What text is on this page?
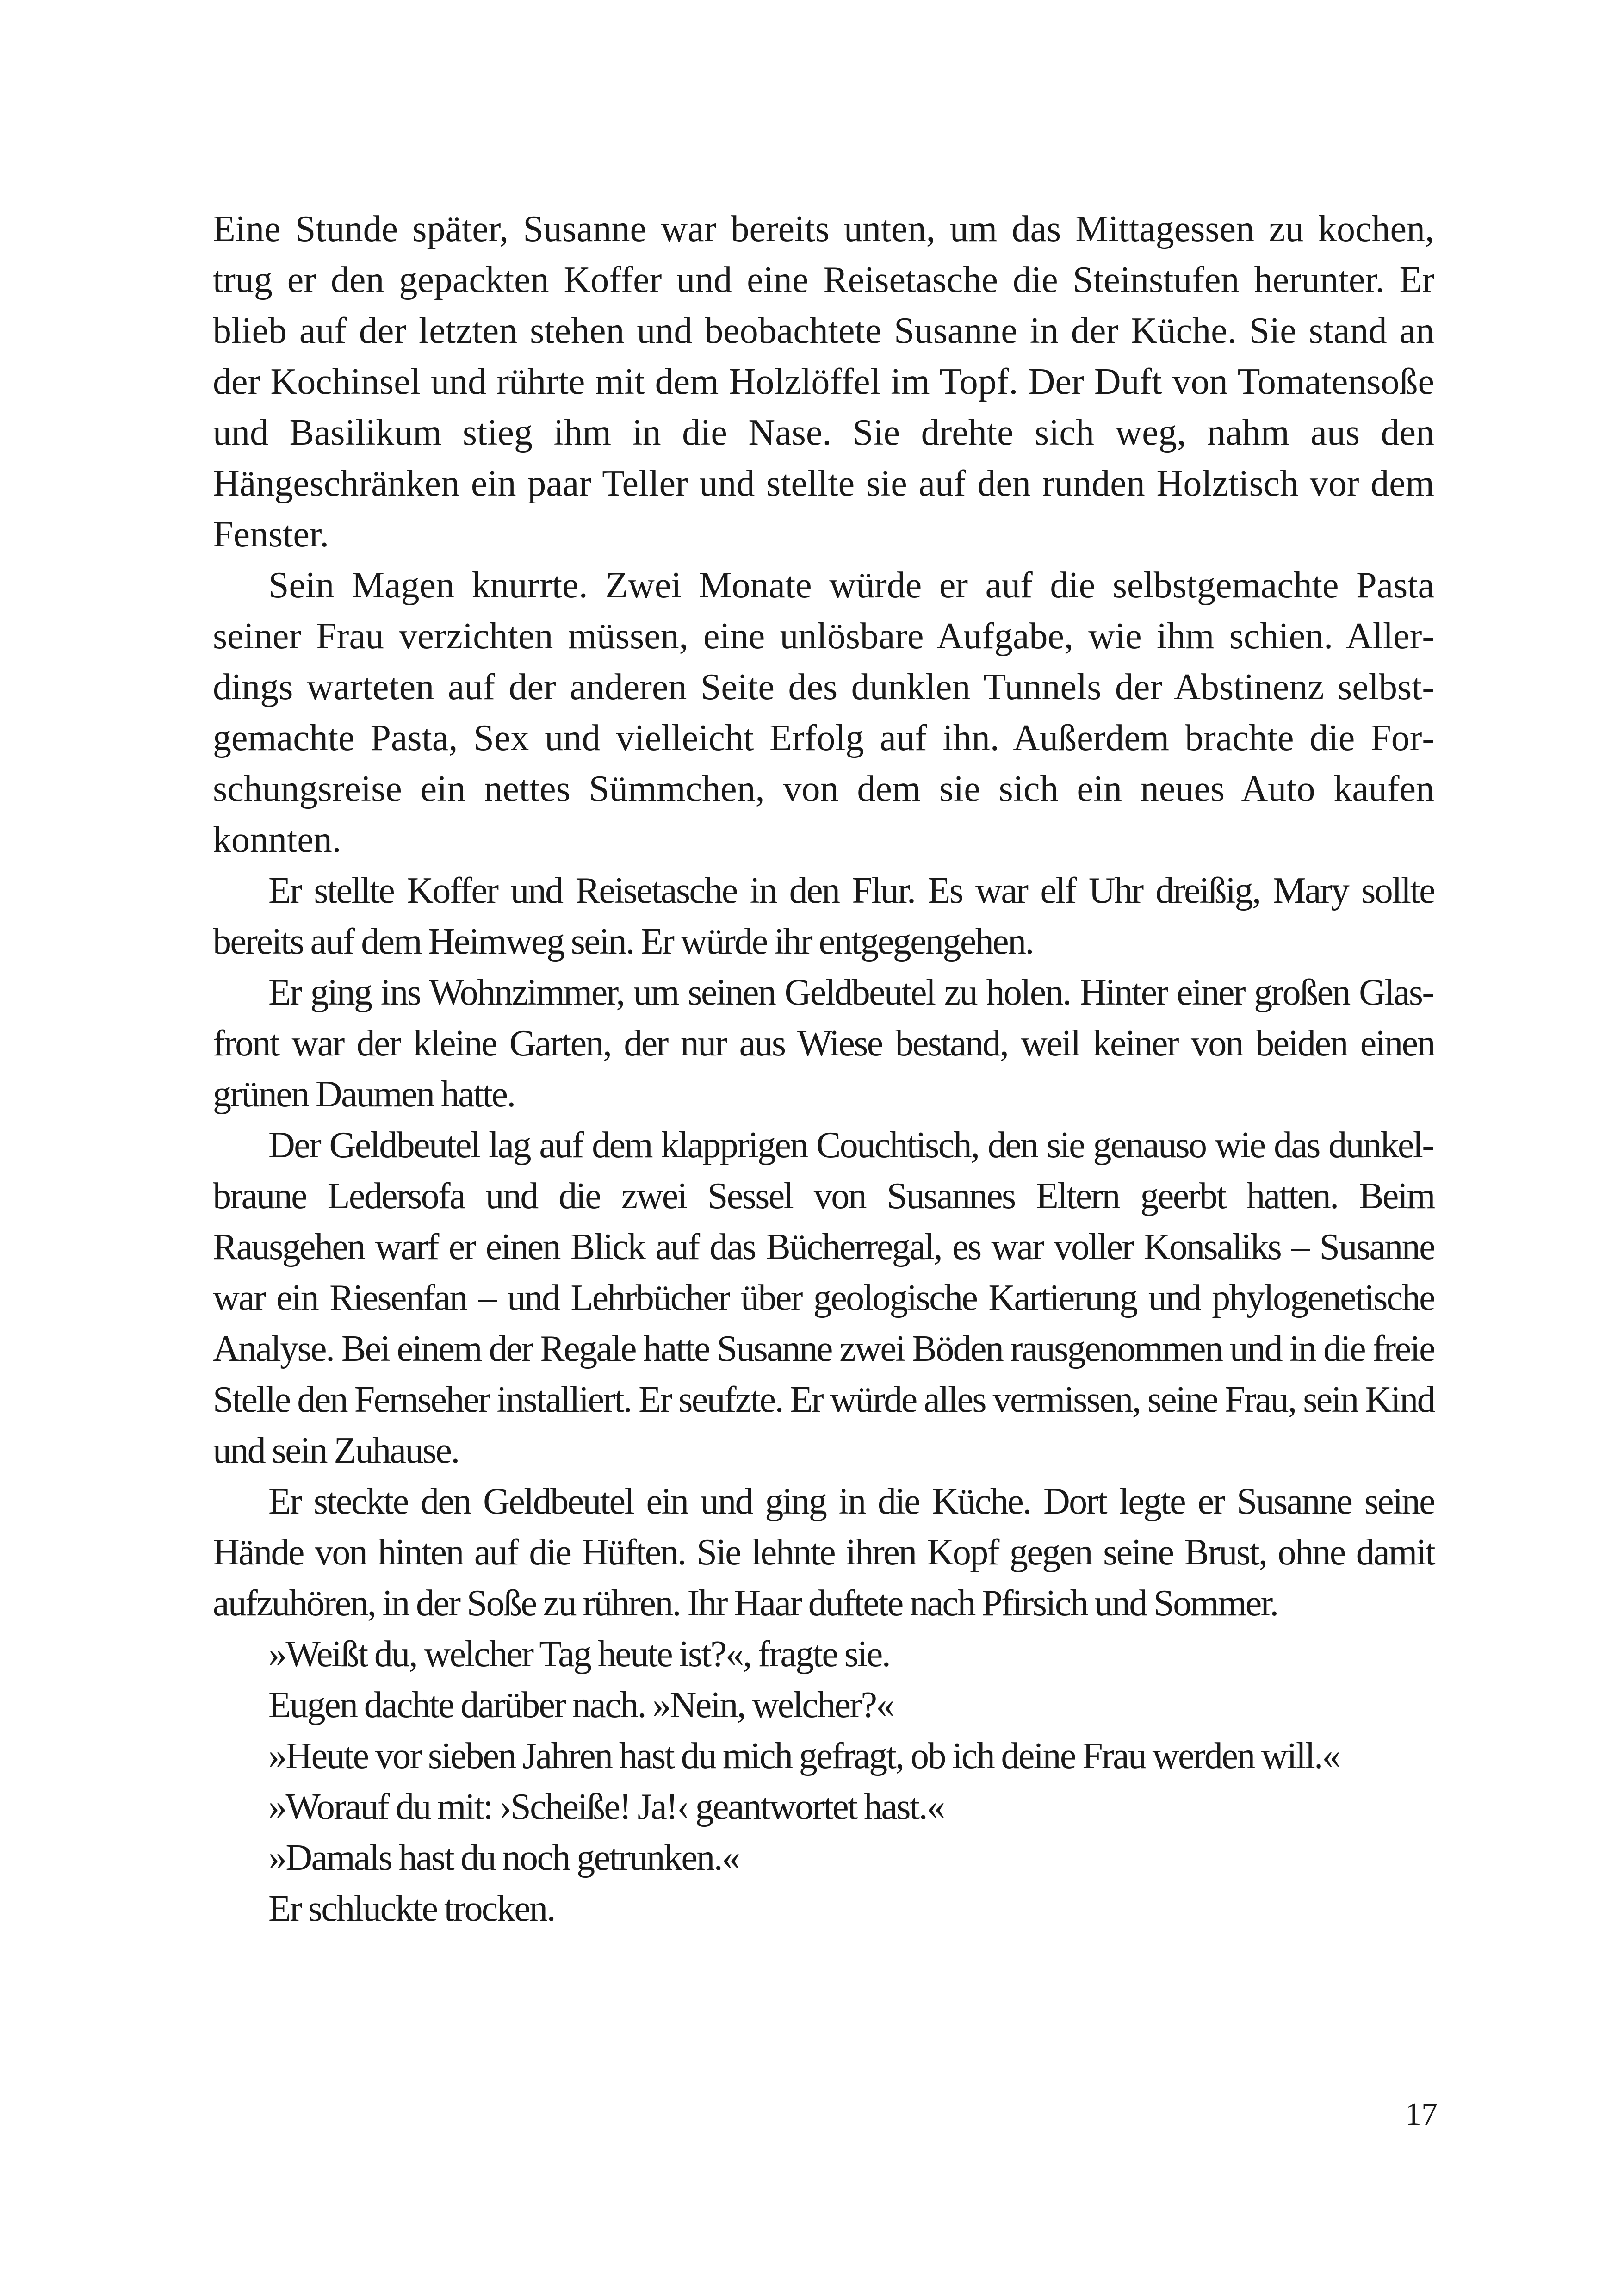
Eine Stunde später, Susanne war bereits unten, um das Mittagessen zu kochen, trug er den gepackten Koffer und eine Reisetasche die Steinstufen herunter. Er blieb auf der letzten stehen und beobachtete Susanne in der Küche. Sie stand an der Kochinsel und rührte mit dem Holzlöffel im Topf. Der Duft von Tomatensoße und Basilikum stieg ihm in die Nase. Sie drehte sich weg, nahm aus den Hängeschränken ein paar Teller und stellte sie auf den runden Holztisch vor dem Fenster.

Sein Magen knurrte. Zwei Monate würde er auf die selbstgemachte Pasta seiner Frau verzichten müssen, eine unlösbare Aufgabe, wie ihm schien. Allerdings warteten auf der anderen Seite des dunklen Tunnels der Abstinenz selbstgemachte Pasta, Sex und vielleicht Erfolg auf ihn. Außerdem brachte die Forschungsreise ein nettes Sümmchen, von dem sie sich ein neues Auto kaufen konnten.

Er stellte Koffer und Reisetasche in den Flur. Es war elf Uhr dreißig, Mary sollte bereits auf dem Heimweg sein. Er würde ihr entgegengehen.

Er ging ins Wohnzimmer, um seinen Geldbeutel zu holen. Hinter einer großen Glasfront war der kleine Garten, der nur aus Wiese bestand, weil keiner von beiden einen grünen Daumen hatte.

Der Geldbeutel lag auf dem klapprigen Couchtisch, den sie genauso wie das dunkelbraune Ledersofa und die zwei Sessel von Susannes Eltern geerbt hatten. Beim Rausgehen warf er einen Blick auf das Bücherregal, es war voller Konsaliks – Susanne war ein Riesenfan – und Lehrbücher über geologische Kartierung und phylogenetische Analyse. Bei einem der Regale hatte Susanne zwei Böden rausgenommen und in die freie Stelle den Fernseher installiert. Er seufzte. Er würde alles vermissen, seine Frau, sein Kind und sein Zuhause.

Er steckte den Geldbeutel ein und ging in die Küche. Dort legte er Susanne seine Hände von hinten auf die Hüften. Sie lehnte ihren Kopf gegen seine Brust, ohne damit aufzuhören, in der Soße zu rühren. Ihr Haar duftete nach Pfirsich und Sommer.

»Weißt du, welcher Tag heute ist?«, fragte sie.

Eugen dachte darüber nach. »Nein, welcher?«

»Heute vor sieben Jahren hast du mich gefragt, ob ich deine Frau werden will.«

»Worauf du mit: ›Scheiße! Ja!‹ geantwortet hast.«

»Damals hast du noch getrunken.«

Er schluckte trocken.

17
